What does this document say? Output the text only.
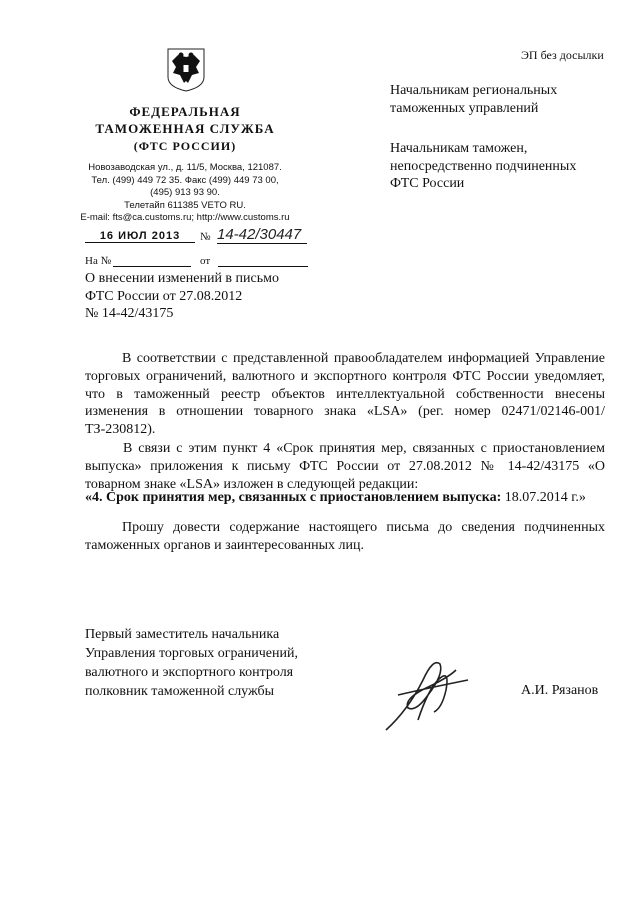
ФЕДЕРАЛЬНАЯ
ТАМОЖЕННАЯ СЛУЖБА
(ФТС РОССИИ)
Новозаводская ул., д. 11/5, Москва, 121087.
Тел. (499) 449 72 35. Факс (499) 449 73 00,
(495) 913 93 90.
Телетайп 611385 VETO RU.
E-mail: fts@ca.customs.ru; http://www.customs.ru
16 ИЮЛ 2013	№ 14-42/30447
На №	от
О внесении изменений в письмо
ФТС России от 27.08.2012
№ 14-42/43175
ЭП без досылки
Начальникам региональных
таможенных управлений
Начальникам таможен,
непосредственно подчиненных
ФТС России
В соответствии с представленной правообладателем информацией Управление торговых ограничений, валютного и экспортного контроля ФТС России уведомляет, что в таможенный реестр объектов интеллектуальной собственности внесены изменения в отношении товарного знака «LSA» (рег. номер 02471/02146-001/ТЗ-230812).
В связи с этим пункт 4 «Срок принятия мер, связанных с приостановлением выпуска» приложения к письму ФТС России от 27.08.2012 № 14-42/43175 «О товарном знаке «LSA» изложен в следующей редакции:
«4. Срок принятия мер, связанных с приостановлением выпуска: 18.07.2014 г.»
Прошу довести содержание настоящего письма до сведения подчиненных таможенных органов и заинтересованных лиц.
Первый заместитель начальника
Управления торговых ограничений,
валютного и экспортного контроля
полковник таможенной службы	А.И. Рязанов
